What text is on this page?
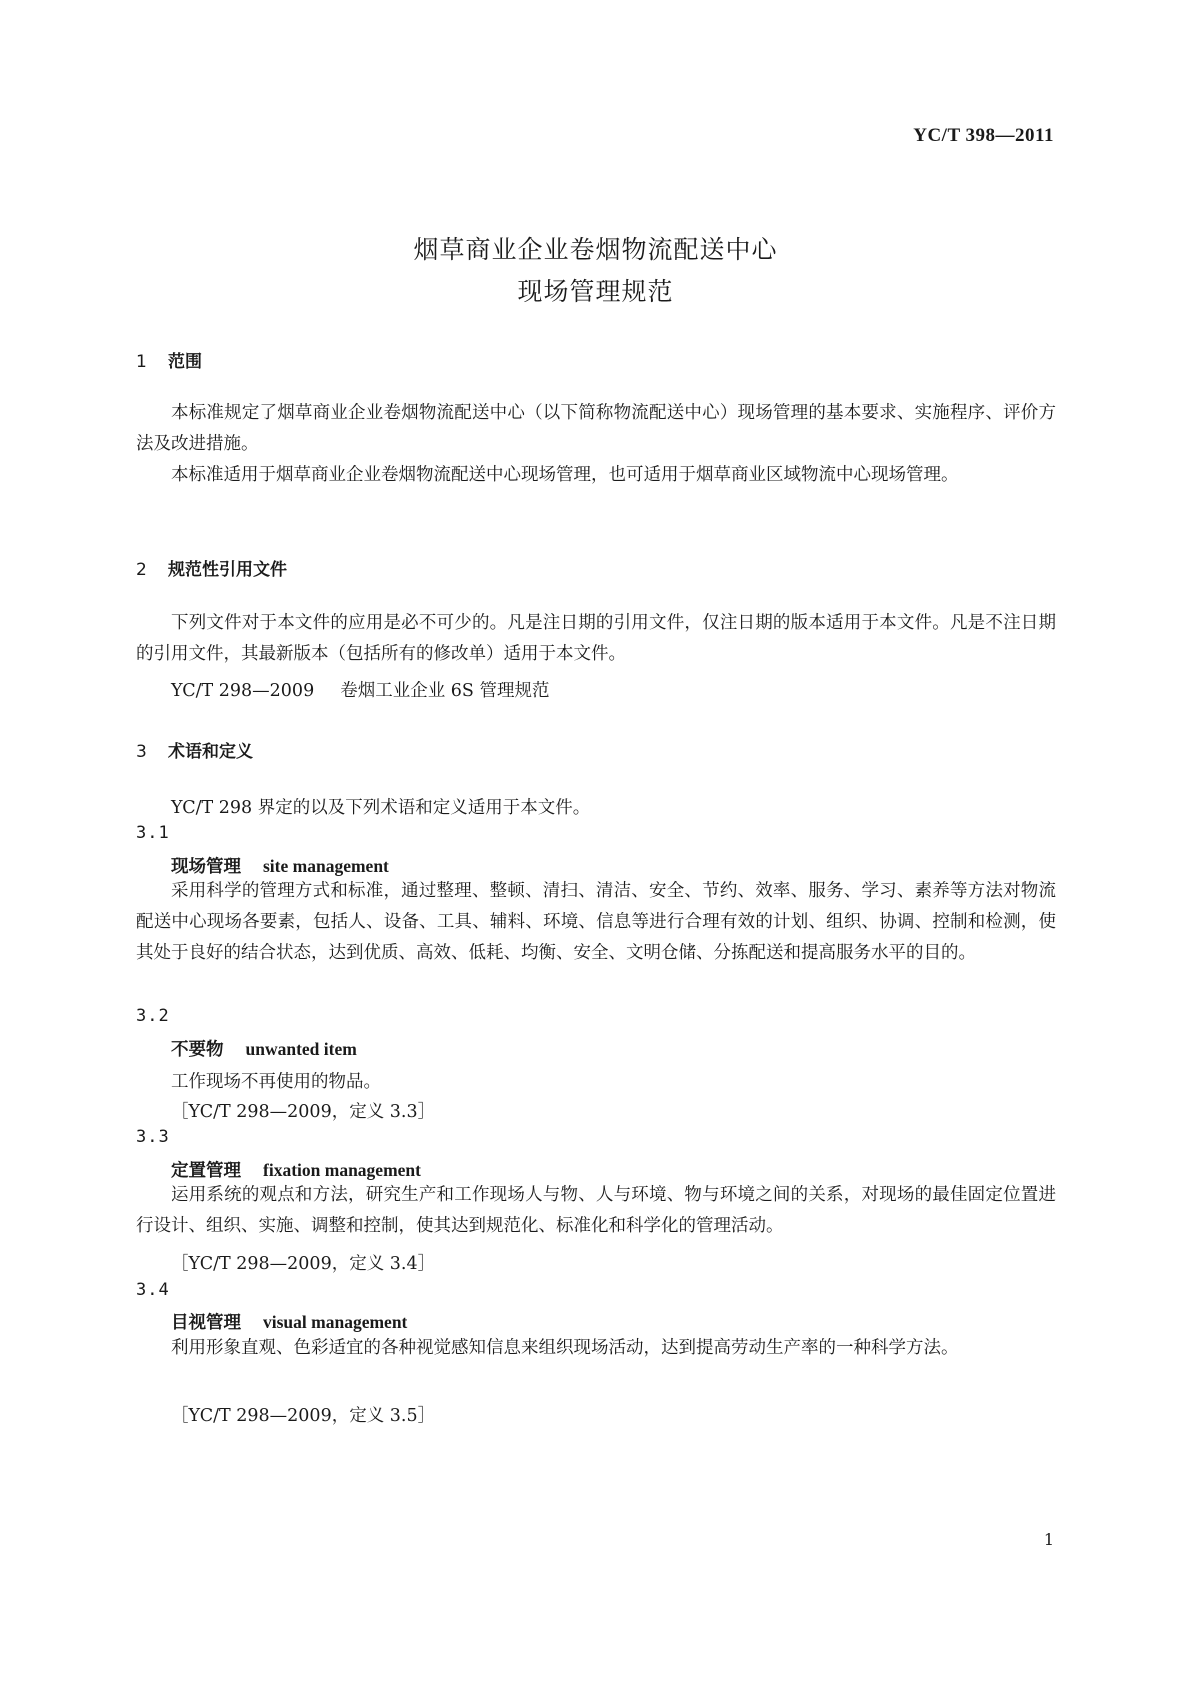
YC/T 398—2011
烟草商业企业卷烟物流配送中心
现场管理规范
1 范围
本标准规定了烟草商业企业卷烟物流配送中心（以下简称物流配送中心）现场管理的基本要求、实施程序、评价方法及改进措施。
本标准适用于烟草商业企业卷烟物流配送中心现场管理，也可适用于烟草商业区域物流中心现场管理。
2 规范性引用文件
下列文件对于本文件的应用是必不可少的。凡是注日期的引用文件，仅注日期的版本适用于本文件。凡是不注日期的引用文件，其最新版本（包括所有的修改单）适用于本文件。
YC/T 298—2009 卷烟工业企业 6S 管理规范
3 术语和定义
YC/T 298 界定的以及下列术语和定义适用于本文件。
3.1
现场管理 site management
采用科学的管理方式和标准，通过整理、整顿、清扫、清洁、安全、节约、效率、服务、学习、素养等方法对物流配送中心现场各要素，包括人、设备、工具、辅料、环境、信息等进行合理有效的计划、组织、协调、控制和检测，使其处于良好的结合状态，达到优质、高效、低耗、均衡、安全、文明仓储、分拣配送和提高服务水平的目的。
3.2
不要物 unwanted item
工作现场不再使用的物品。
［YC/T 298—2009，定义 3.3］
3.3
定置管理 fixation management
运用系统的观点和方法，研究生产和工作现场人与物、人与环境、物与环境之间的关系，对现场的最佳固定位置进行设计、组织、实施、调整和控制，使其达到规范化、标准化和科学化的管理活动。
［YC/T 298—2009，定义 3.4］
3.4
目视管理 visual management
利用形象直观、色彩适宜的各种视觉感知信息来组织现场活动，达到提高劳动生产率的一种科学方法。
［YC/T 298—2009，定义 3.5］
1
